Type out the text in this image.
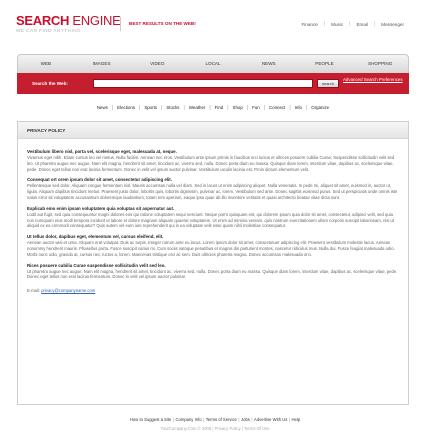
SEARCH ENGINE
WE CAN FIND ANYTHING
BEST RESULTS ON THE WEB!	Finance	|	Music	|	Email	|	Messenger
WEB	IMAGES	VIDEO	LOCAL	NEWS	PEOPLE	SHOPPING
Search the Web:	search
Advanced Search Preferences
News | Elections | Sports | Stocks | Weather | Find | Shop | Fun | Connect | Info | Organize
PRIVACY POLICY
Vestibulum libero nisl, porta vel, scelerisque eget, malesuada at, neque.
Vivamus eget nibh. Etiam cursus leo vel metus. Nulla facilisi. Aenean nec eros. Vestibulum ante ipsum primis in faucibus orci luctus et ultrices posuere cubilia Curae; Suspendisse sollicitudin velit sed leo. Ut pharetra augue nec augue. Nam elit magna, hendrerit sit amet, tincidunt ac, viverra sed, nulla. Donec porta diam eu massa. Quisque diam lorem, interdum vitae, dapibus ac, scelerisque vitae, pede. Donec eget tellus non erat lacinia fermentum. Donec in velit vel ipsum auctor pulvinar. Vestibulum iaculis lacinia est. Proin dictum elementum velit.
Consequat ort orem ipsum dolor sit amet, consectetur adipiscing elit.
Pellentesque sed dolor. Aliquam congue fermentum nisl. Mauris accumsan nulla vel diam. Sed in lacus ut enim adipiscing aliquet. Nulla venenatis. In pede mi, aliquet sit amet, euismod in, auctor ut, ligula. Aliquam dapibus tincidunt metus. Praesent justo dolor, lobortis quis, lobortis dignissim, pulvinar ac, lorem. Vestibulum sed ante. Donec sagittis euismod purus. Sed ut perspiciatis unde omnis iste natus error sit voluptatem accusantium doloremque laudantium, totam rem aperiam, eaque ipsa quae ab illo inventore veritatis et quasi architecto beatae vitae dicta sunt.
Explicab emo enim ipsam voluptatem quia voluptas sit aspernatur aut.
Lodit aut fugit, sed quia consequuntur magni dolores eos qui ratione voluptatem sequi nesciunt. Neque porro quisquam est, qui dolorem ipsum quia dolor sit amet, consectetur, adipisci velit, sed quia non numquam eius modi tempora incidunt ut labore et dolore magnam aliquam quaerat voluptatem. Ut enim ad minima veniam, quis nostrum exercitationem ullam corporis suscipit laboriosam, nisi ut aliquid ex ea commodi consequatur? Quis autem vel eum iure reprehenderit qui in ea voluptate velit esse quam nihil molestiae consequatur.
Ut tellus dolor, dapibus eget, elementum vel, cursus eleifend, elit.
Aenean auctor wisi et urna. Aliquam erat volutpat. Duis ac turpis. Integer rutrum ante eu lacus. Lorem ipsum dolor sit amet, consectetuer adipiscing elit. Praesent vestibulum molestie lacus. Aenean nonummy hendrerit mauris. Phasellus porta. Fusce suscipit varius mi. Cum sociis natoque penatibus et magnis dis parturient montes, nascetur ridiculus mus. Nulla dui. Fusce feugiat malesuada odio. Morbi nunc odio, gravida at, cursus nec, luctus a, lorem. Maecenas tristique orci ac sem. Duis ultricies pharetra magna. Donec accumsan malesuada orci.
Rices posuere cubilia Curae suspendisse sollicitudin velit sed leo.
Ut pharetra augue nec augue. Nam elit magna, hendrerit sit amet, tincidunt ac, viverra sed, nulla. Donec porta diam eu massa. Quisque diam lorem, interdum vitae, dapibus ac, scelerisque vitae, pede. Donec eget tellus non erat lacinia fermentum. Donec in velit vel ipsum auctor pulvinar.
E-mail: privacy@companyname.com
How to Suggest a Site | Company Info | Terms of Service | Jobs | Advertise With Us | Help
YourCompany.Com © 2006 | Privacy Policy | Terms Of Use
